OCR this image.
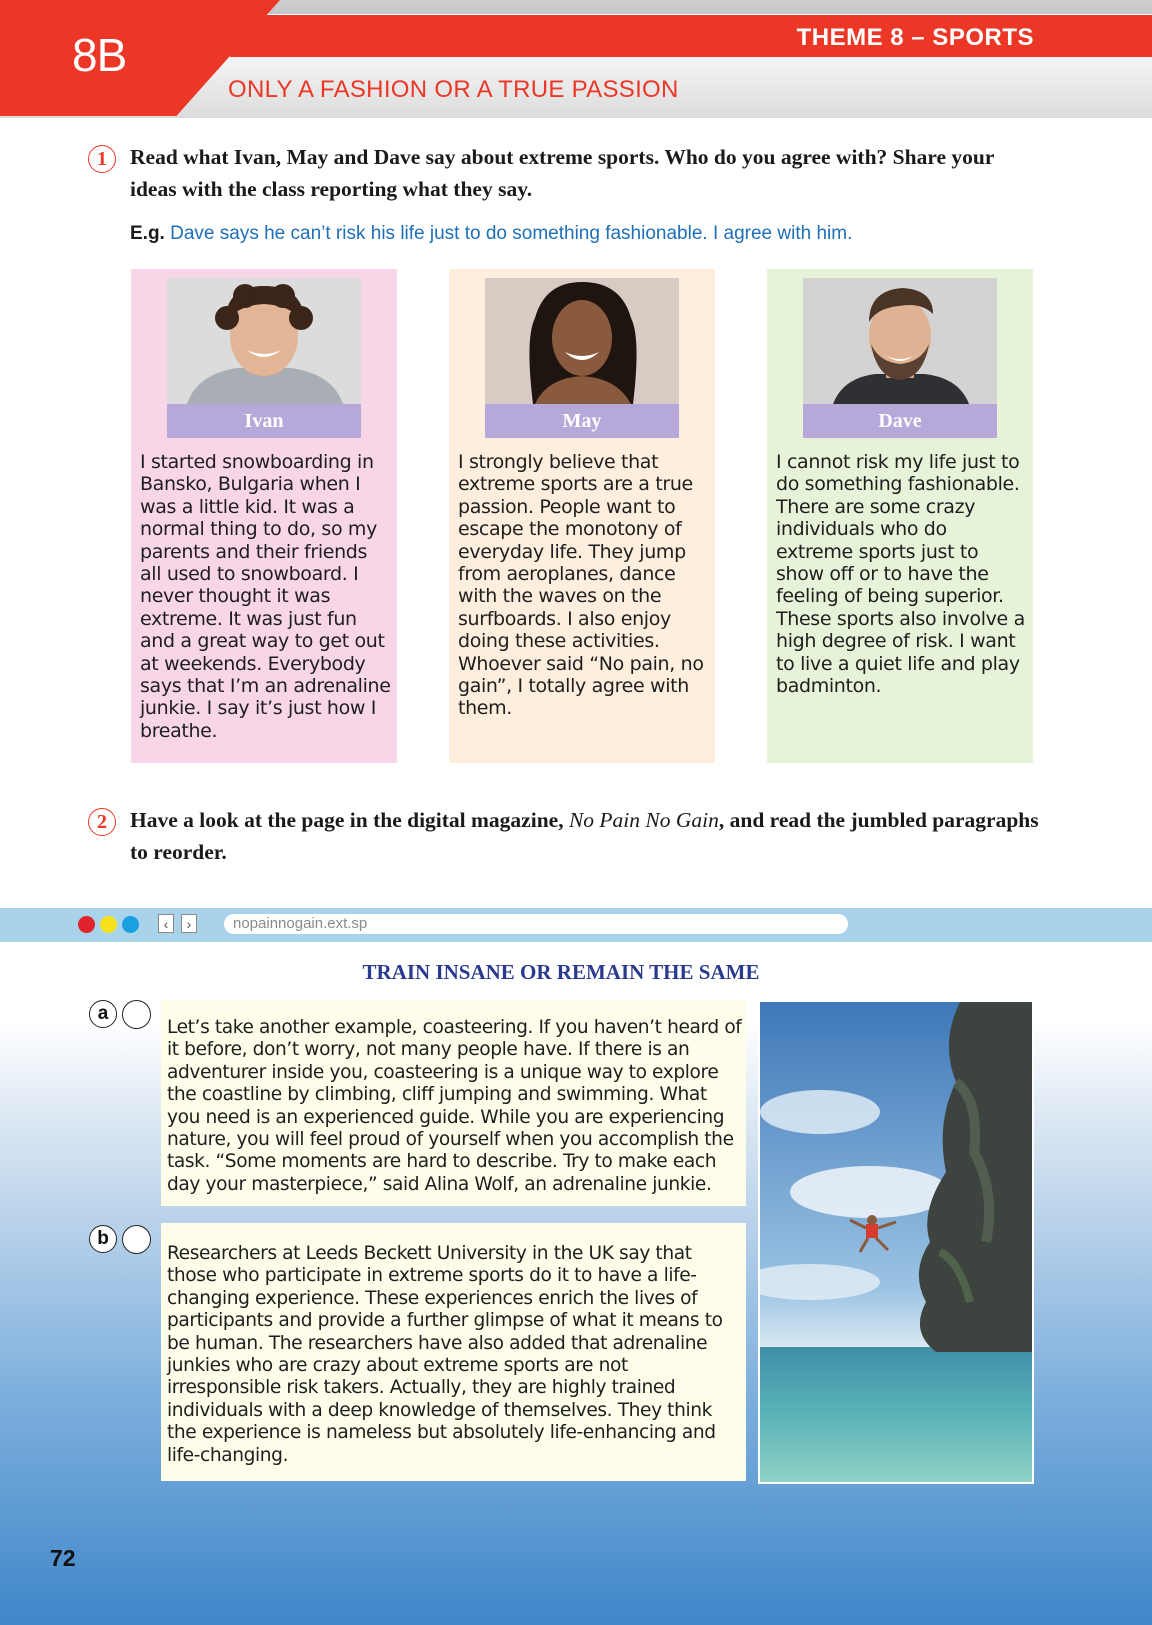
8B	THEME 8 – SPORTS
ONLY A FASHION OR A TRUE PASSION
1	Read what Ivan, May and Dave say about extreme sports. Who do you agree with? Share your ideas with the class reporting what they say.
E.g. Dave says he can’t risk his life just to do something fashionable. I agree with him.
Ivan

I started snowboarding in Bansko, Bulgaria when I was a little kid. It was a normal thing to do, so my parents and their friends all used to snowboard. I never thought it was extreme. It was just fun and a great way to get out at weekends. Everybody says that I’m an adrenaline junkie. I say it’s just how I breathe.

May

I strongly believe that extreme sports are a true passion. People want to escape the monotony of everyday life. They jump from aeroplanes, dance with the waves on the surfboards. I also enjoy doing these activities. Whoever said “No pain, no gain”, I totally agree with them.

Dave

I cannot risk my life just to do something fashionable. There are some crazy individuals who do extreme sports just to show off or to have the feeling of being superior. These sports also involve a high degree of risk. I want to live a quiet life and play badminton.

2	Have a look at the page in the digital magazine, No Pain No Gain, and read the jumbled paragraphs to reorder.
‹	›	nopainnogain.ext.sp
TRAIN INSANE OR REMAIN THE SAME
a

Let’s take another example, coasteering. If you haven’t heard of it before, don’t worry, not many people have. If there is an adventurer inside you, coasteering is a unique way to explore the coastline by climbing, cliff jumping and swimming. What you need is an experienced guide. While you are experiencing nature, you will feel proud of yourself when you accomplish the task. “Some moments are hard to describe. Try to make each day your masterpiece,” said Alina Wolf, an adrenaline junkie.

b

Researchers at Leeds Beckett University in the UK say that those who participate in extreme sports do it to have a life-changing experience. These experiences enrich the lives of participants and provide a further glimpse of what it means to be human. The researchers have also added that adrenaline junkies who are crazy about extreme sports are not irresponsible risk takers. Actually, they are highly trained individuals with a deep knowledge of themselves. They think the experience is nameless but absolutely life-enhancing and life-changing.

72
